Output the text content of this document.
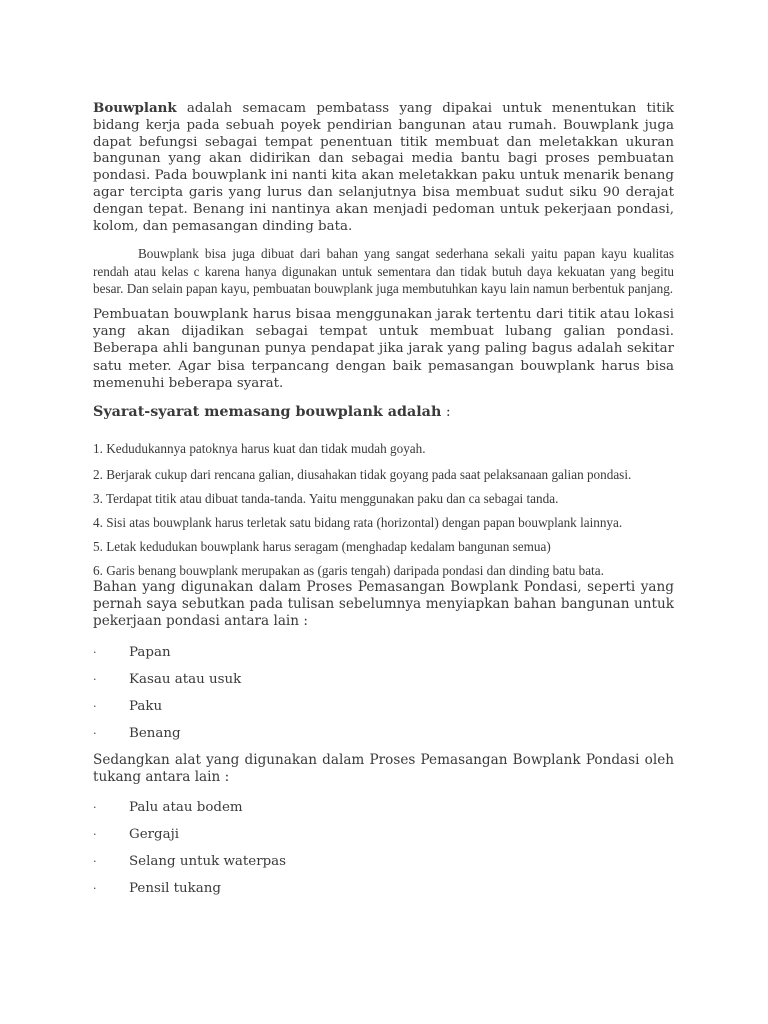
Bouwplank adalah semacam pembatass yang dipakai untuk menentukan titik bidang kerja pada sebuah poyek pendirian bangunan atau rumah. Bouwplank juga dapat befungsi sebagai tempat penentuan titik membuat dan meletakkan ukuran bangunan yang akan didirikan dan sebagai media bantu bagi proses pembuatan pondasi. Pada bouwplank ini nanti kita akan meletakkan paku untuk menarik benang agar tercipta garis yang lurus dan selanjutnya bisa membuat sudut siku 90 derajat dengan tepat. Benang ini nantinya akan menjadi pedoman untuk pekerjaan pondasi, kolom, dan pemasangan dinding bata.

Bouwplank bisa juga dibuat dari bahan yang sangat sederhana sekali yaitu papan kayu kualitas rendah atau kelas c karena hanya digunakan untuk sementara dan tidak butuh daya kekuatan yang begitu besar. Dan selain papan kayu, pembuatan bouwplank juga membutuhkan kayu lain namun berbentuk panjang.

Pembuatan bouwplank harus bisaa menggunakan jarak tertentu dari titik atau lokasi yang akan dijadikan sebagai tempat untuk membuat lubang galian pondasi. Beberapa ahli bangunan punya pendapat jika jarak yang paling bagus adalah sekitar satu meter. Agar bisa terpancang dengan baik pemasangan bouwplank harus bisa memenuhi beberapa syarat.

Syarat-syarat memasang bouwplank adalah :

1. Kedudukannya patoknya harus kuat dan tidak mudah goyah.

2. Berjarak cukup dari rencana galian, diusahakan tidak goyang pada saat pelaksanaan galian pondasi.

3. Terdapat titik atau dibuat tanda-tanda. Yaitu menggunakan paku dan ca sebagai tanda.

4. Sisi atas bouwplank harus terletak satu bidang rata (horizontal) dengan papan bouwplank lainnya.

5. Letak kedudukan bouwplank harus seragam (menghadap kedalam bangunan semua)

6. Garis benang bouwplank merupakan as (garis tengah) daripada pondasi dan dinding batu bata.

Bahan yang digunakan dalam Proses Pemasangan Bowplank Pondasi, seperti yang pernah saya sebutkan pada tulisan sebelumnya menyiapkan bahan bangunan untuk pekerjaan pondasi antara lain :

·	Papan
·	Kasau atau usuk
·	Paku
·	Benang

Sedangkan alat yang digunakan dalam Proses Pemasangan Bowplank Pondasi oleh tukang antara lain :

·	Palu atau bodem
·	Gergaji
·	Selang untuk waterpas
·	Pensil tukang
